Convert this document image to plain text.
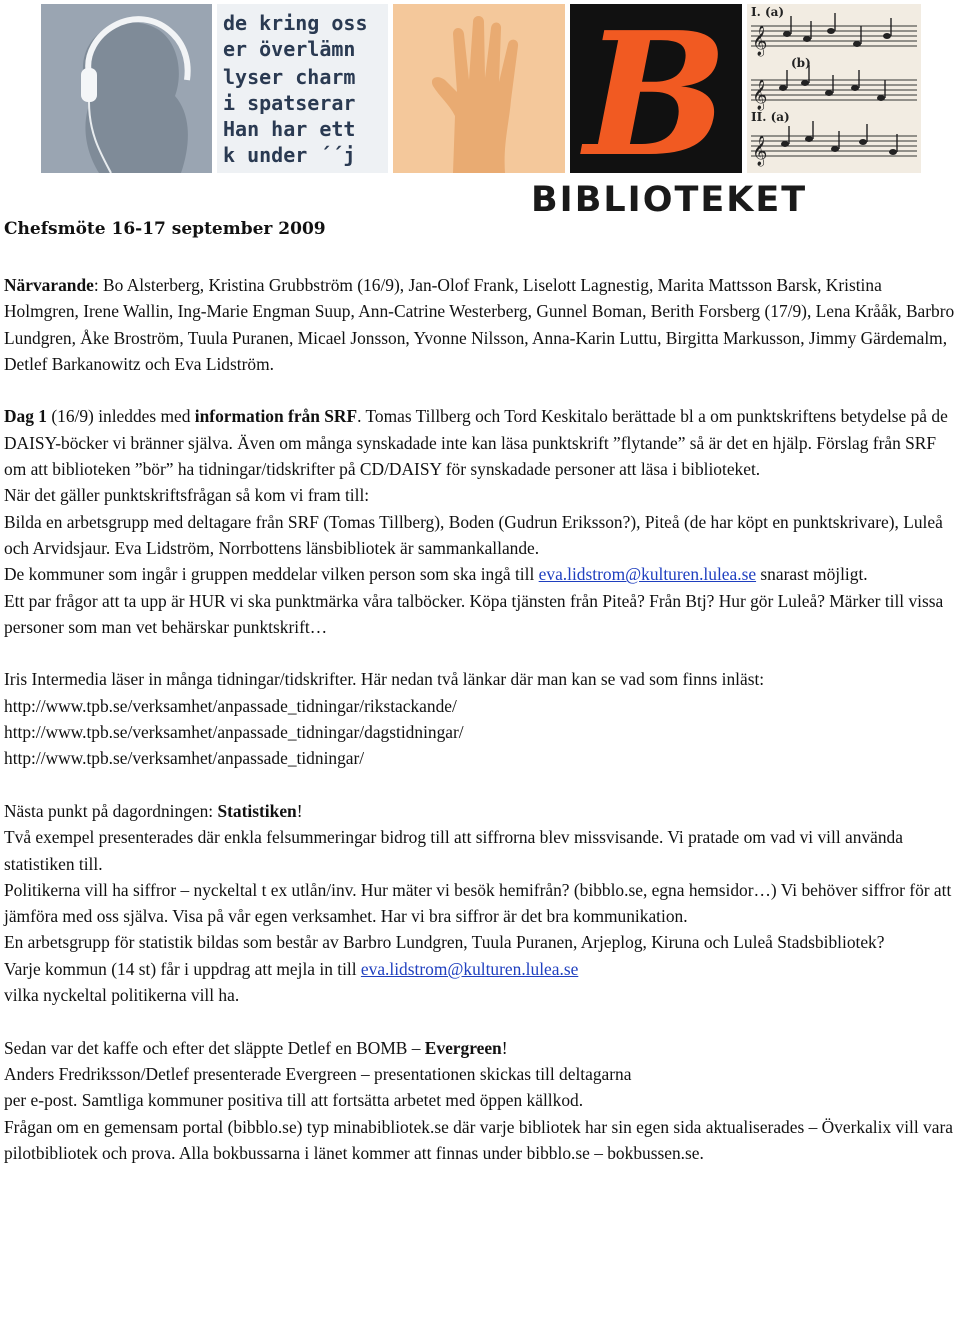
de kring oss
er överlämn
lyser charm
i spatserar
Han har ett
k under ´´j B 𝄞
𝄞
𝄞
I. (a)
(b)
II. (a)
BIBLIOTEKET
Chefsmöte 16-17 september 2009

Närvarande: Bo Alsterberg, Kristina Grubbström (16/9), Jan-Olof Frank, Liselott Lagnestig, Marita Mattsson Barsk, Kristina Holmgren, Irene Wallin, Ing-Marie Engman Suup, Ann-Catrine Westerberg, Gunnel Boman, Berith Forsberg (17/9), Lena Krååk, Barbro Lundgren, Åke Broström, Tuula Puranen, Micael Jonsson, Yvonne Nilsson, Anna-Karin Luttu, Birgitta Markusson, Jimmy Gärdemalm, Detlef Barkanowitz och Eva Lidström.

Dag 1 (16/9) inleddes med information från SRF. Tomas Tillberg och Tord Keskitalo berättade bl a om punktskriftens betydelse på de DAISY-böcker vi bränner själva. Även om många synskadade inte kan läsa punktskrift ”flytande” så är det en hjälp. Förslag från SRF om att biblioteken ”bör” ha tidningar/tidskrifter på CD/DAISY för synskadade personer att läsa i biblioteket.

När det gäller punktskriftsfrågan så kom vi fram till:

Bilda en arbetsgrupp med deltagare från SRF (Tomas Tillberg), Boden (Gudrun Eriksson?), Piteå (de har köpt en punktskrivare), Luleå och Arvidsjaur. Eva Lidström, Norrbottens länsbibliotek är sammankallande.

De kommuner som ingår i gruppen meddelar vilken person som ska ingå till eva.lidstrom@kulturen.lulea.se snarast möjligt.

Ett par frågor att ta upp är HUR vi ska punktmärka våra talböcker. Köpa tjänsten från Piteå? Från Btj? Hur gör Luleå? Märker till vissa personer som man vet behärskar punktskrift…

Iris Intermedia läser in många tidningar/tidskrifter. Här nedan två länkar där man kan se vad som finns inläst:

http://www.tpb.se/verksamhet/anpassade_tidningar/rikstackande/

http://www.tpb.se/verksamhet/anpassade_tidningar/dagstidningar/

http://www.tpb.se/verksamhet/anpassade_tidningar/

Nästa punkt på dagordningen: Statistiken!

Två exempel presenterades där enkla felsummeringar bidrog till att siffrorna blev missvisande. Vi pratade om vad vi vill använda statistiken till.

Politikerna vill ha siffror – nyckeltal t ex utlån/inv. Hur mäter vi besök hemifrån? (bibblo.se, egna hemsidor…) Vi behöver siffror för att jämföra med oss själva. Visa på vår egen verksamhet. Har vi bra siffror är det bra kommunikation.

En arbetsgrupp för statistik bildas som består av Barbro Lundgren, Tuula Puranen, Arjeplog, Kiruna och Luleå Stadsbibliotek?

Varje kommun (14 st) får i uppdrag att mejla in till eva.lidstrom@kulturen.lulea.se
vilka nyckeltal politikerna vill ha.

Sedan var det kaffe och efter det släppte Detlef en BOMB – Evergreen!

Anders Fredriksson/Detlef presenterade Evergreen – presentationen skickas till deltagarna

per e-post. Samtliga kommuner positiva till att fortsätta arbetet med öppen källkod.

Frågan om en gemensam portal (bibblo.se) typ minabibliotek.se där varje bibliotek har sin egen sida aktualiserades – Överkalix vill vara pilotbibliotek och prova. Alla bokbussarna i länet kommer att finnas under bibblo.se – bokbussen.se.
